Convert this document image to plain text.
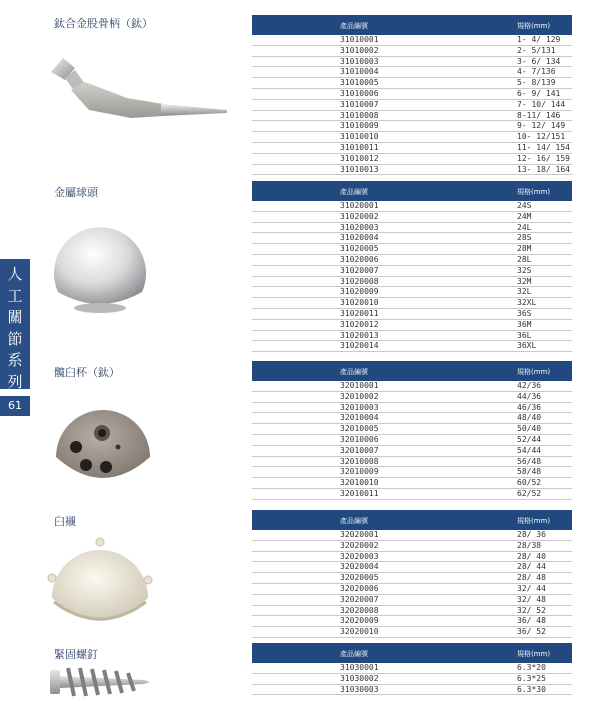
人
工
關
節
系
列
61
鈦合金股骨柄（鈦）
金屬球頭
髖臼杯（鈦）
臼襯
緊固螺釘
產品編號	規格(mm)
31010001	1- 4/ 129
31010002	2- 5/131
31010003	3- 6/ 134
31010004	4- 7/136
31010005	5- 8/139
31010006	6- 9/ 141
31010007	7- 10/ 144
31010008	8-11/ 146
31010009	9- 12/ 149
31010010	10- 12/151
31010011	11- 14/ 154
31010012	12- 16/ 159
31010013	13- 18/ 164
產品編號	規格(mm)
31020001	24S
31020002	24M
31020003	24L
31020004	28S
31020005	28M
31020006	28L
31020007	32S
31020008	32M
31020009	32L
31020010	32XL
31020011	36S
31020012	36M
31020013	36L
31020014	36XL
產品編號	規格(mm)
32010001	42/36
32010002	44/36
32010003	46/36
32010004	48/40
32010005	50/40
32010006	52/44
32010007	54/44
32010008	56/48
32010009	58/48
32010010	60/52
32010011	62/52
產品編號	規格(mm)
32020001	28/ 36
32020002	28/38
32020003	28/ 40
32020004	28/ 44
32020005	28/ 48
32020006	32/ 44
32020007	32/ 48
32020008	32/ 52
32020009	36/ 48
32020010	36/ 52
產品編號	規格(mm)
31030001	6.3*20
31030002	6.3*25
31030003	6.3*30
